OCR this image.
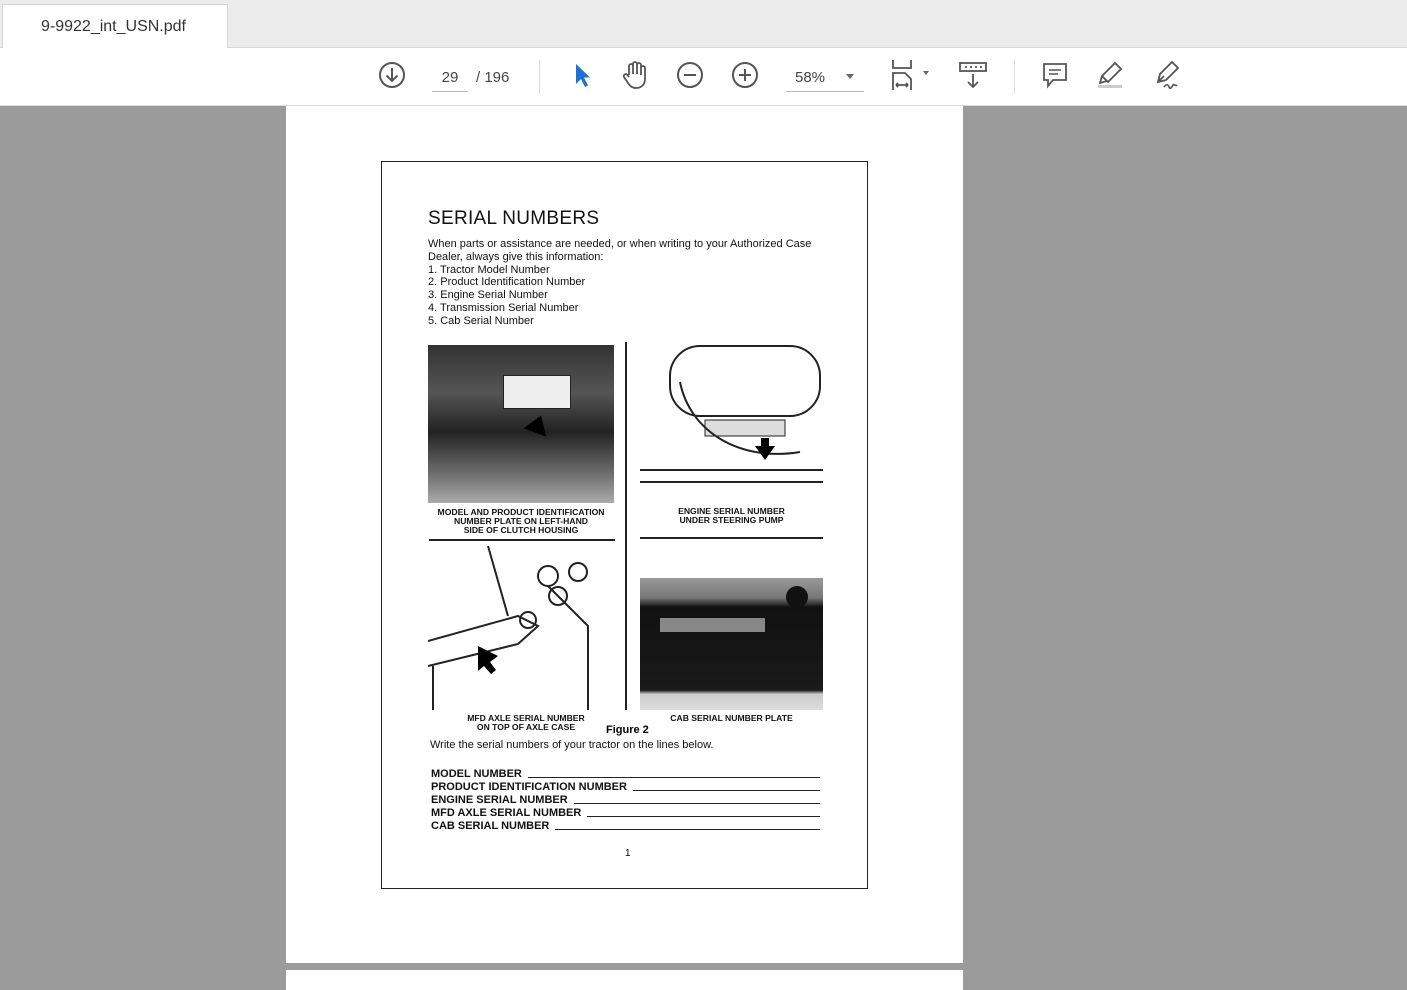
9-9922_int_USN.pdf
29
/ 196	58%
SERIAL NUMBERS
When parts or assistance are needed, or when writing to your Authorized Case Dealer, always give this information:
1. Tractor Model Number
2. Product Identification Number
3. Engine Serial Number
4. Transmission Serial Number
5. Cab Serial Number
MODEL AND PRODUCT IDENTIFICATION
NUMBER PLATE ON LEFT-HAND
SIDE OF CLUTCH HOUSING
ENGINE SERIAL NUMBER
UNDER STEERING PUMP
MFD AXLE SERIAL NUMBER
ON TOP OF AXLE CASE
CAB SERIAL NUMBER PLATE
Figure 2
Write the serial numbers of your tractor on the lines below.
MODEL NUMBER
PRODUCT IDENTIFICATION NUMBER
ENGINE SERIAL NUMBER
MFD AXLE SERIAL NUMBER
CAB SERIAL NUMBER
1
